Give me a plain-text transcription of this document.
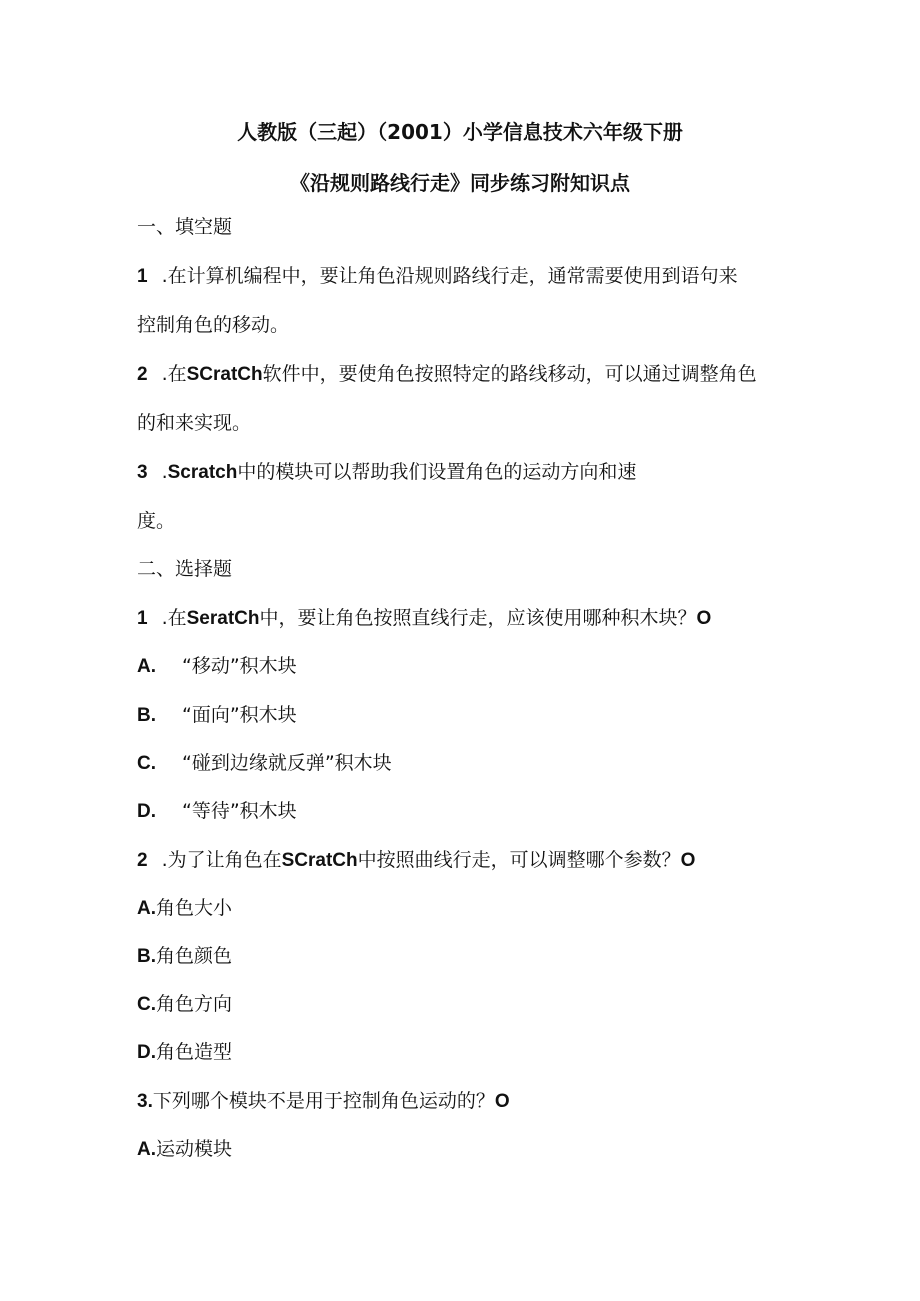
人教版（三起）（2001）小学信息技术六年级下册
《沿规则路线行走》同步练习附知识点
一、填空题
1 .在计算机编程中，要让角色沿规则路线行走，通常需要使用到语句来
控制角色的移动。
2 .在SCratCh软件中，要使角色按照特定的路线移动，可以通过调整角色
的和来实现。
3 .Scratch中的模块可以帮助我们设置角色的运动方向和速
度。
二、选择题
1 .在SeratCh中，要让角色按照直线行走，应该使用哪种积木块？O
A. “移动”积木块
B. “面向”积木块
C. “碰到边缘就反弹”积木块
D. “等待”积木块
2 .为了让角色在SCratCh中按照曲线行走，可以调整哪个参数？O
A.角色大小
B.角色颜色
C.角色方向
D.角色造型
3.下列哪个模块不是用于控制角色运动的？O
A.运动模块
